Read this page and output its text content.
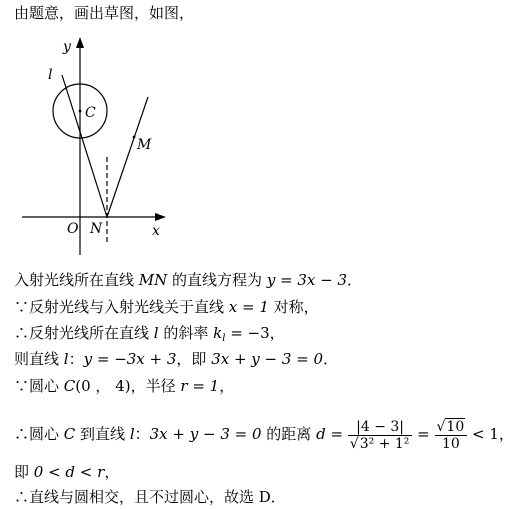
由题意，画出草图，如图，
y
x
l
C
M
O N
入射光线所在直线 MN 的直线方程为 y = 3x − 3．
∵反射光线与入射光线关于直线 x = 1 对称，
∴反射光线所在直线 l 的斜率 $k_l = -3$，
则直线 l：y = −3x + 3，即 3x + y − 3 = 0．
∵圆心 C(0 ， 4)，半径 r = 1，
∴圆心 C 到直线 l：3x + y − 3 = 0 的距离 $d = \frac{|4 - 3|}{\text{√3² + 1²}} = \frac{√10}{10} < 1$，
即 0 < d < r，
∴直线与圆相交，且不过圆心，故选 D．
